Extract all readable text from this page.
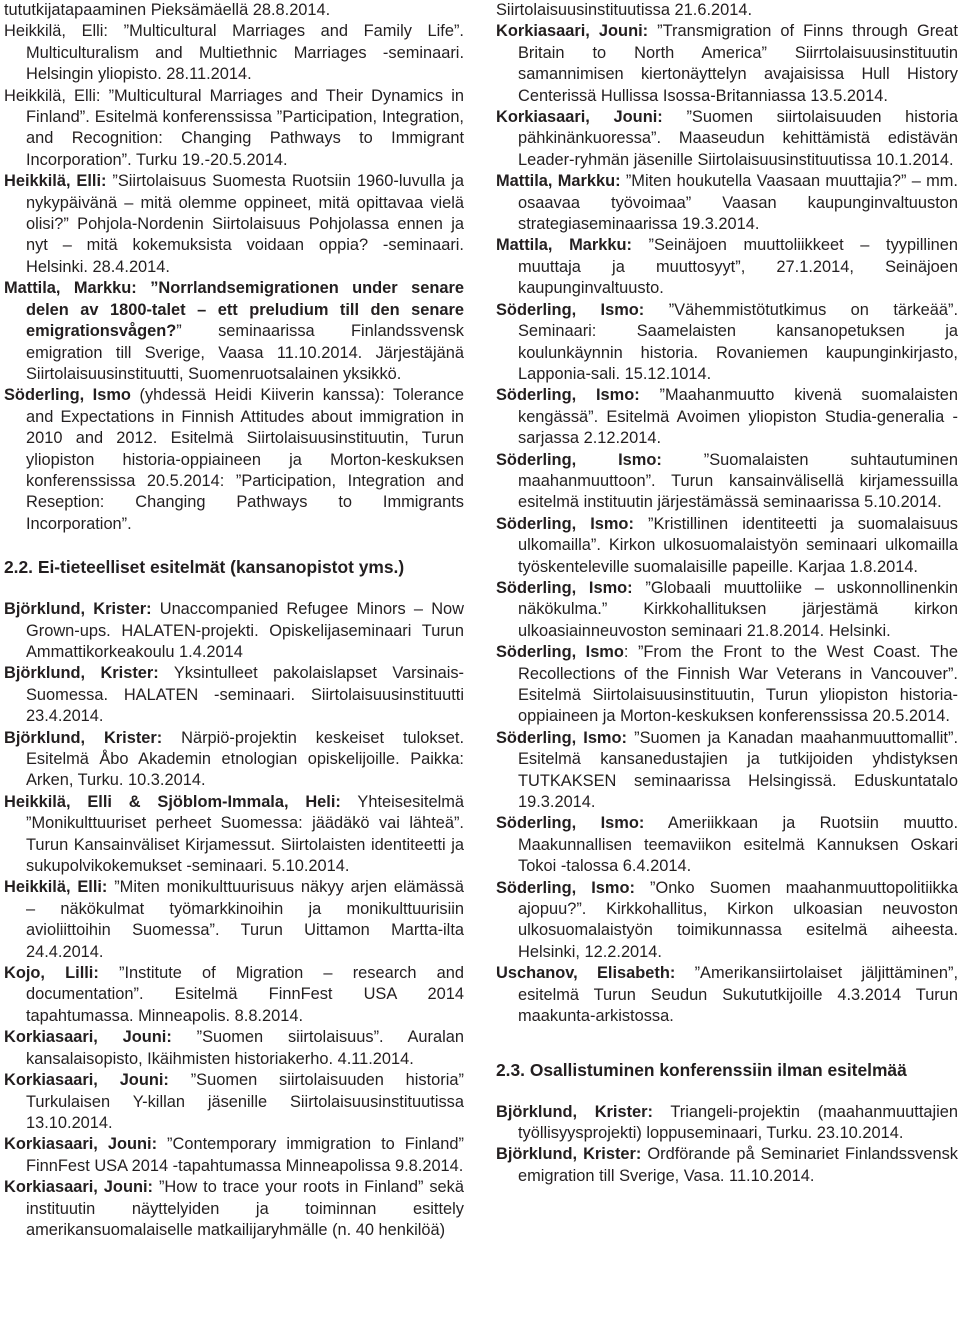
tututkijatapaaminen Pieksämäellä 28.8.2014.

Heikkilä, Elli: ”Multicultural Marriages and Family Life”. Multiculturalism and Multiethnic Marriages -seminaari. Helsingin yliopisto. 28.11.2014.

Heikkilä, Elli: ”Multicultural Marriages and Their Dynamics in Finland”. Esitelmä konferenssissa ”Participation, Integration, and Recognition: Changing Pathways to Immigrant Incorporation”. Turku 19.-20.5.2014.

Heikkilä, Elli: ”Siirtolaisuus Suomesta Ruotsiin 1960-luvulla ja nykypäivänä – mitä olemme oppineet, mitä opittavaa vielä olisi?” Pohjola-Nordenin Siirtolaisuus Pohjolassa ennen ja nyt – mitä kokemuksista voidaan oppia? -seminaari. Helsinki. 28.4.2014.

Mattila, Markku: ”Norrlandsemigrationen under senare delen av 1800-talet – ett preludium till den senare emigrationsvågen?” seminaarissa Finlandssvensk emigration till Sverige, Vaasa 11.10.2014. Järjestäjänä Siirtolaisuusinstituutti, Suomenruotsalainen yksikkö.

Söderling, Ismo (yhdessä Heidi Kiiverin kanssa): Tolerance and Expectations in Finnish Attitudes about immigration in 2010 and 2012. Esitelmä Siirtolaisuusinstituutin, Turun yliopiston historia-oppiaineen ja Morton-keskuksen konferenssissa 20.5.2014: ”Participation, Integration and Reseption: Changing Pathways to Immigrants Incorporation”.

2.2. Ei-tieteelliset esitelmät (kansanopistot yms.)

Björklund, Krister: Unaccompanied Refugee Minors – Now Grown-ups. HALATEN-projekti. Opiskelijaseminaari Turun Ammattikorkeakoulu 1.4.2014

Björklund, Krister: Yksintulleet pakolaislapset Varsinais-Suomessa. HALATEN -seminaari. Siirtolaisuusinstituutti 23.4.2014.

Björklund, Krister: Närpiö-projektin keskeiset tulokset. Esitelmä Åbo Akademin etnologian opiskelijoille. Paikka: Arken, Turku. 10.3.2014.

Heikkilä, Elli & Sjöblom-Immala, Heli: Yhteisesitelmä ”Monikulttuuriset perheet Suomessa: jäädäkö vai lähteä”. Turun Kansainväliset Kirjamessut. Siirtolaisten identiteetti ja sukupolvikokemukset -seminaari. 5.10.2014.

Heikkilä, Elli: ”Miten monikulttuurisuus näkyy arjen elämässä – näkökulmat työmarkkinoihin ja monikulttuurisiin avioliittoihin Suomessa”. Turun Uittamon Martta-ilta 24.4.2014.

Kojo, Lilli: ”Institute of Migration – research and documentation”. Esitelmä FinnFest USA 2014 tapahtumassa. Minneapolis. 8.8.2014.

Korkiasaari, Jouni: ”Suomen siirtolaisuus”. Auralan kansalaisopisto, Ikäihmisten historiakerho. 4.11.2014.

Korkiasaari, Jouni: ”Suomen siirtolaisuuden historia” Turkulaisen Y-killan jäsenille Siirtolaisuusinstituutissa 13.10.2014.

Korkiasaari, Jouni: ”Contemporary immigration to Finland” FinnFest USA 2014 -tapahtumassa Minneapolissa 9.8.2014.

Korkiasaari, Jouni: ”How to trace your roots in Finland” sekä instituutin näyttelyiden ja toiminnan esittely amerikansuomalaiselle matkailijaryhmälle (n. 40 henkilöä)

Siirtolaisuusinstituutissa 21.6.2014.

Korkiasaari, Jouni: ”Transmigration of Finns through Great Britain to North America” Siirrtolaisuusinstituutin samannimisen kiertonäyttelyn avajaisissa Hull History Centerissä Hullissa Isossa-Britanniassa 13.5.2014.

Korkiasaari, Jouni: ”Suomen siirtolaisuuden historia pähkinänkuoressa”. Maaseudun kehittämistä edistävän Leader-ryhmän jäsenille Siirtolaisuusinstituutissa 10.1.2014.

Mattila, Markku: ”Miten houkutella Vaasaan muuttajia?” – mm. osaavaa työvoimaa” Vaasan kaupunginvaltuuston strategiaseminaarissa 19.3.2014.

Mattila, Markku: ”Seinäjoen muuttoliikkeet – tyypillinen muuttaja ja muuttosyyt”, 27.1.2014, Seinäjoen kaupunginvaltuusto.

Söderling, Ismo: ”Vähemmistötutkimus on tärkeää”. Seminaari: Saamelaisten kansanopetuksen ja koulunkäynnin historia. Rovaniemen kaupunginkirjasto, Lapponia-sali. 15.12.1014.

Söderling, Ismo: ”Maahanmuutto kivenä suomalaisten kengässä”. Esitelmä Avoimen yliopiston Studia-generalia -sarjassa 2.12.2014.

Söderling, Ismo:	”Suomalaisten suhtautuminen maahanmuuttoon”. Turun kansainvälisellä kirjamessuilla esitelmä instituutin järjestämässä seminaarissa 5.10.2014.

Söderling, Ismo: ”Kristillinen identiteetti ja suomalaisuus ulkomailla”. Kirkon ulkosuomalaistyön seminaari ulkomailla työskenteleville suomalaisille papeille. Karjaa 1.8.2014.

Söderling, Ismo: ”Globaali muuttoliike – uskonnollinenkin näkökulma.” Kirkkohallituksen järjestämä kirkon ulkoasiainneuvoston seminaari 21.8.2014. Helsinki.

Söderling, Ismo: ”From the Front to the West Coast. The Recollections of the Finnish War Veterans in Vancouver”. Esitelmä Siirtolaisuusinstituutin, Turun yliopiston historia-oppiaineen ja Morton-keskuksen konferenssissa 20.5.2014.

Söderling, Ismo: ”Suomen ja Kanadan maahanmuuttomallit”. Esitelmä kansanedustajien ja tutkijoiden yhdistyksen TUTKAKSEN seminaarissa Helsingissä. Eduskuntatalo 19.3.2014.

Söderling, Ismo: Ameriikkaan ja Ruotsiin muutto. Maakunnallisen teemaviikon esitelmä Kannuksen Oskari Tokoi -talossa 6.4.2014.

Söderling, Ismo: ”Onko Suomen maahanmuuttopolitiikka ajopuu?”. Kirkkohallitus, Kirkon ulkoasian neuvoston ulkosuomalaistyön toimikunnassa esitelmä aiheesta. Helsinki, 12.2.2014.

Uschanov, Elisabeth: ”Amerikansiirtolaiset jäljittäminen”, esitelmä Turun Seudun Sukututkijoille 4.3.2014 Turun maakunta-arkistossa.

2.3. Osallistuminen konferenssiin ilman esitelmää

Björklund, Krister: Triangeli-projektin (maahanmuuttajien työllisyysprojekti) loppuseminaari, Turku. 23.10.2014.

Björklund, Krister: Ordförande på Seminariet Finlandssvensk emigration till Sverige, Vasa. 11.10.2014.
